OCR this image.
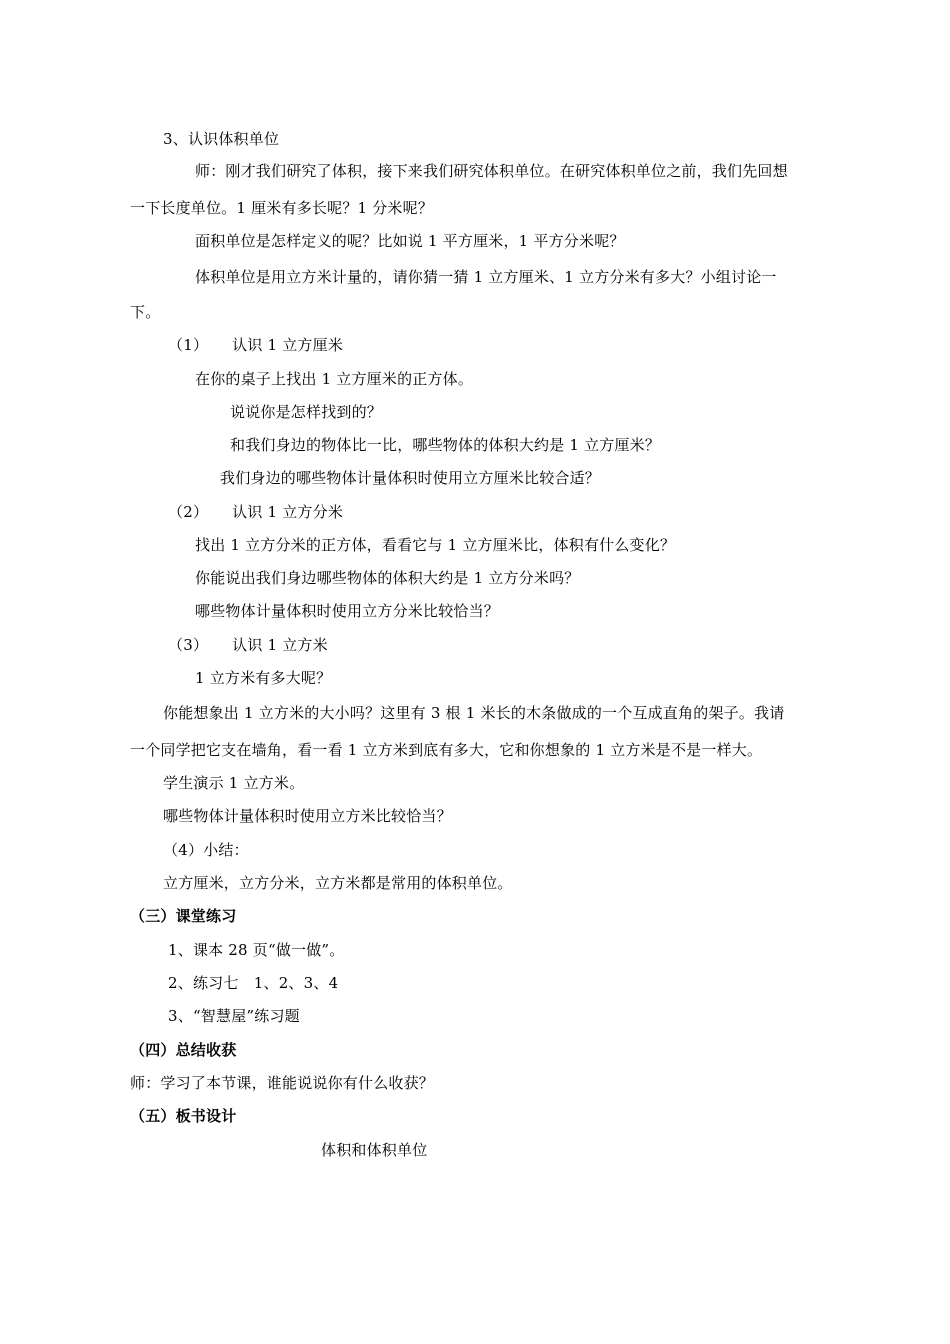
3、认识体积单位
师：刚才我们研究了体积，接下来我们研究体积单位。在研究体积单位之前，我们先回想
一下长度单位。1 厘米有多长呢？1 分米呢？
面积单位是怎样定义的呢？比如说 1 平方厘米，1 平方分米呢？
体积单位是用立方米计量的，请你猜一猜 1 立方厘米、1 立方分米有多大？小组讨论一
下。
（1） 认识 1 立方厘米
在你的桌子上找出 1 立方厘米的正方体。
说说你是怎样找到的？
和我们身边的物体比一比，哪些物体的体积大约是 1 立方厘米？
我们身边的哪些物体计量体积时使用立方厘米比较合适？
（2） 认识 1 立方分米
找出 1 立方分米的正方体，看看它与 1 立方厘米比，体积有什么变化？
你能说出我们身边哪些物体的体积大约是 1 立方分米吗？
哪些物体计量体积时使用立方分米比较恰当？
（3） 认识 1 立方米
1 立方米有多大呢？
你能想象出 1 立方米的大小吗？这里有 3 根 1 米长的木条做成的一个互成直角的架子。我请
一个同学把它支在墙角，看一看 1 立方米到底有多大，它和你想象的 1 立方米是不是一样大。
学生演示 1 立方米。
哪些物体计量体积时使用立方米比较恰当？
（4）小结：
立方厘米，立方分米，立方米都是常用的体积单位。
（三）课堂练习
1、课本 28 页“做一做”。
2、练习七　1、2、3、4
3、“智慧屋”练习题
（四）总结收获
师：学习了本节课，谁能说说你有什么收获？
（五）板书设计
体积和体积单位
